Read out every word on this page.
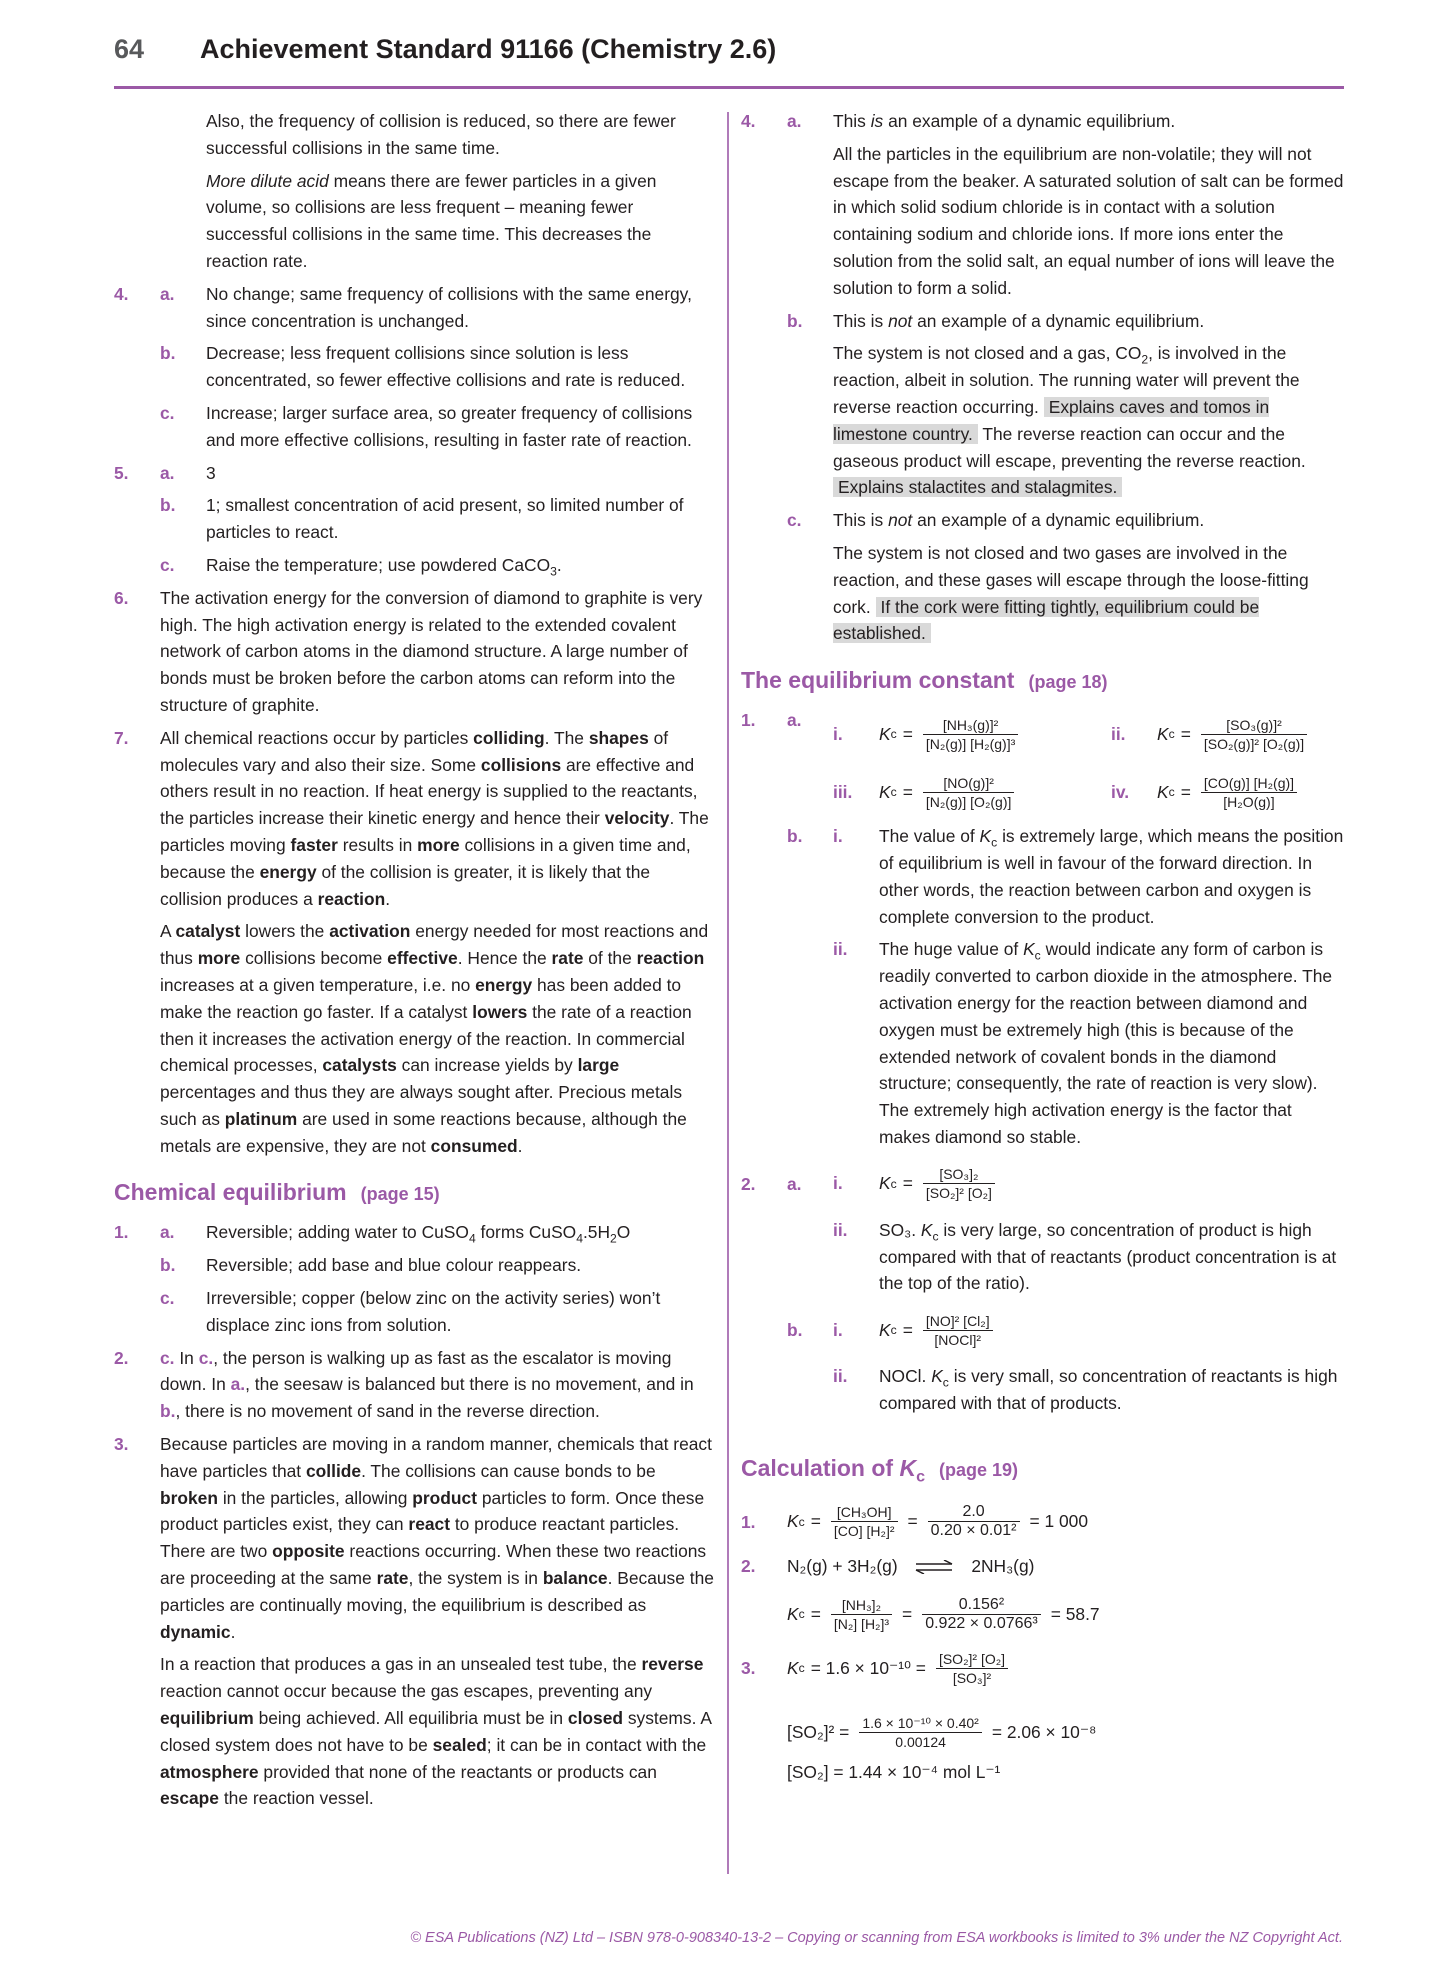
64 Achievement Standard 91166 (Chemistry 2.6)

Also, the frequency of collision is reduced, so there are fewer successful collisions in the same time.

More dilute acid means there are fewer particles in a given volume, so collisions are less frequent – meaning fewer successful collisions in the same time. This decreases the reaction rate.

4. a. No change; same frequency of collisions with the same energy, since concentration is unchanged.
b. Decrease; less frequent collisions since solution is less concentrated, so fewer effective collisions and rate is reduced.
c. Increase; larger surface area, so greater frequency of collisions and more effective collisions, resulting in faster rate of reaction.
5. a. 3
b. 1; smallest concentration of acid present, so limited number of particles to react.
c. Raise the temperature; use powdered CaCO$_3$.
6. The activation energy for the conversion of diamond to graphite is very high. The high activation energy is related to the extended covalent network of carbon atoms in the diamond structure. A large number of bonds must be broken before the carbon atoms can reform into the structure of graphite.
7. All chemical reactions occur by particles colliding. The shapes of molecules vary and also their size. Some collisions are effective and others result in no reaction. If heat energy is supplied to the reactants, the particles increase their kinetic energy and hence their velocity. The particles moving faster results in more collisions in a given time and, because the energy of the collision is greater, it is likely that the collision produces a reaction.

A catalyst lowers the activation energy needed for most reactions and thus more collisions become effective. Hence the rate of the reaction increases at a given temperature, i.e. no energy has been added to make the reaction go faster. If a catalyst lowers the rate of a reaction then it increases the activation energy of the reaction. In commercial chemical processes, catalysts can increase yields by large percentages and thus they are always sought after. Precious metals such as platinum are used in some reactions because, although the metals are expensive, they are not consumed.

Chemical equilibrium (page 15)
1. a. Reversible; adding water to CuSO$_4$ forms $CuSO_4.5H_2O$
b. Reversible; add base and blue colour reappears.
c. Irreversible; copper (below zinc on the activity series) won’t displace zinc ions from solution.
2. c. In c., the person is walking up as fast as the escalator is moving down. In a., the seesaw is balanced but there is no movement, and in b., there is no movement of sand in the reverse direction.
3. Because particles are moving in a random manner, chemicals that react have particles that collide. The collisions can cause bonds to be broken in the particles, allowing product particles to form. Once these product particles exist, they can react to produce reactant particles. There are two opposite reactions occurring. When these two reactions are proceeding at the same rate, the system is in balance. Because the particles are continually moving, the equilibrium is described as dynamic.

In a reaction that produces a gas in an unsealed test tube, the reverse reaction cannot occur because the gas escapes, preventing any equilibrium being achieved. All equilibria must be in closed systems. A closed system does not have to be sealed; it can be in contact with the atmosphere provided that none of the reactants or products can escape the reaction vessel.

4. a. This is an example of a dynamic equilibrium.

All the particles in the equilibrium are non-volatile; they will not escape from the beaker. A saturated solution of salt can be formed in which solid sodium chloride is in contact with a solution containing sodium and chloride ions. If more ions enter the solution from the solid salt, an equal number of ions will leave the solution to form a solid.

b. This is not an example of a dynamic equilibrium.

The system is not closed and a gas, $CO_2$, is involved in the reaction, albeit in solution. The running water will prevent the reverse reaction occurring. Explains caves and tomos in limestone country. The reverse reaction can occur and the gaseous product will escape, preventing the reverse reaction. Explains stalactites and stalagmites.

c. This is not an example of a dynamic equilibrium.

The system is not closed and two gases are involved in the reaction, and these gases will escape through the loose-fitting cork. If the cork were fitting tightly, equilibrium could be established.

The equilibrium constant (page 18)
1. a.
i.	K $c = \frac{\text{[NH₃(g)]²}}{\text{[N₂(g)] [H₂(g)]³}}$	ii.	K $c = \frac{\text{[SO₃(g)]²}}{\text{[SO₂(g)]² [O₂(g)]}}$
iii.	K $c = \frac{\text{[NO(g)]²}}{\text{[N₂(g)] [O₂(g)]}}$	iv.	K $c = \frac{\text{[CO(g)] [H₂(g)]}}{\text{[H₂O(g)]}}$
b. i. The value of $K_c$ is extremely large, which means the position of equilibrium is well in favour of the forward direction. In other words, the reaction between carbon and oxygen is complete conversion to the product.
ii. The huge value of $K_c$ would indicate any form of carbon is readily converted to carbon dioxide in the atmosphere. The activation energy for the reaction between diamond and oxygen must be extremely high (this is because of the extended network of covalent bonds in the diamond structure; consequently, the rate of reaction is very slow). The extremely high activation energy is the factor that makes diamond so stable.
2. a. i.	K $c = \frac{\text{[SO₃]₂}}{\text{[SO₂]² [O₂]}}$
ii. SO₃. $K_c$ is very large, so concentration of product is high compared with that of reactants (product concentration is at the top of the ratio).
b.	i.	K $c = \frac{\text{[NO]² [Cl₂]}}{\text{[NOCl]²}}$
ii. NOCl. $K_c$ is very small, so concentration of reactants is high compared with that of products.
Calculation of $K_c$ (page 19)
1. K $c = \frac{\text{[CH₃OH]}}{\text{[CO] [H₂]²}} = \frac{2.0}{\text{0.20 × 0.01²}} = 1$ 000
2. N₂(g) + 3H₂(g) ⇌ 2NH₃(g)
K $c = \frac{\text{[NH₃]₂}}{\text{[N₂] [H₂]³}} = \frac{\text{0.156²}}{\text{0.922 × 0.0766³}} = 58.7$
3. K $c = 1.6 \times 10^{-10} = \frac{\text{[SO₂]² [O₂]}}{\text{[SO₃]²}}$
$[SO_2]^2 = \frac{\text{1.6 × 10⁻¹⁰ × 0.40²}}{0.00124} = 2.06 \times 10^{-8}$
[SO₂] = 1.44 × 10⁻⁴ mol L⁻¹
© ESA Publications (NZ) Ltd – ISBN 978-0-908340-13-2 – Copying or scanning from ESA workbooks is limited to 3% under the NZ Copyright Act.
